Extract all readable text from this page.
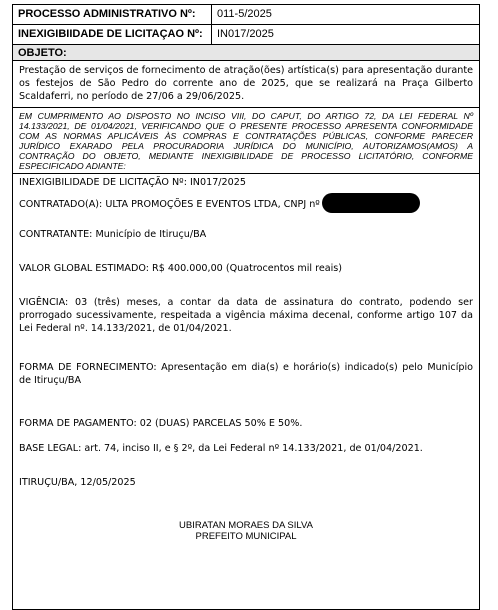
PROCESSO ADMINISTRATIVO Nº:	011-5/2025
INEXIGIBIIDADE DE LICITAÇAO Nº:	IN017/2025
OBJETO:
Prestação de serviços de fornecimento de atração(ões) artística(s) para apresentação durante os festejos de São Pedro do corrente ano de 2025, que se realizará na Praça Gilberto Scaldaferri, no período de 27/06 a 29/06/2025.
EM CUMPRIMENTO AO DISPOSTO NO INCISO VIII, DO CAPUT, DO ARTIGO 72, DA LEI FEDERAL Nº 14.133/2021, DE 01/04/2021, VERIFICANDO QUE O PRESENTE PROCESSO APRESENTA CONFORMIDADE COM AS NORMAS APLICÁVEIS ÀS COMPRAS E CONTRATAÇÕES PÚBLICAS, CONFORME PARECER JURÍDICO EXARADO PELA PROCURADORIA JURÍDICA DO MUNICÍPIO, AUTORIZAMOS(AMOS) A CONTRAÇÃO DO OBJETO, MEDIANTE INEXIGIBILIDADE DE PROCESSO LICITATÓRIO, CONFORME ESPECIFICADO ADIANTE:
INEXIGIBILIDADE DE LICITAÇÃO Nº: IN017/2025
CONTRATADO(A): ULTA PROMOÇÕES E EVENTOS LTDA, CNPJ nº
CONTRATANTE: Município de Itiruçu/BA
VALOR GLOBAL ESTIMADO: R$ 400.000,00 (Quatrocentos mil reais)
VIGÊNCIA: 03 (três) meses, a contar da data de assinatura do contrato, podendo ser prorrogado sucessivamente, respeitada a vigência máxima decenal, conforme artigo 107 da Lei Federal nº. 14.133/2021, de 01/04/2021.
FORMA DE FORNECIMENTO: Apresentação em dia(s) e horário(s) indicado(s) pelo Município de Itiruçu/BA
FORMA DE PAGAMENTO: 02 (DUAS) PARCELAS 50% E 50%.
BASE LEGAL: art. 74, inciso II, e § 2º, da Lei Federal nº 14.133/2021, de 01/04/2021.
ITIRUÇU/BA, 12/05/2025
UBIRATAN MORAES DA SILVA
PREFEITO MUNICIPAL
